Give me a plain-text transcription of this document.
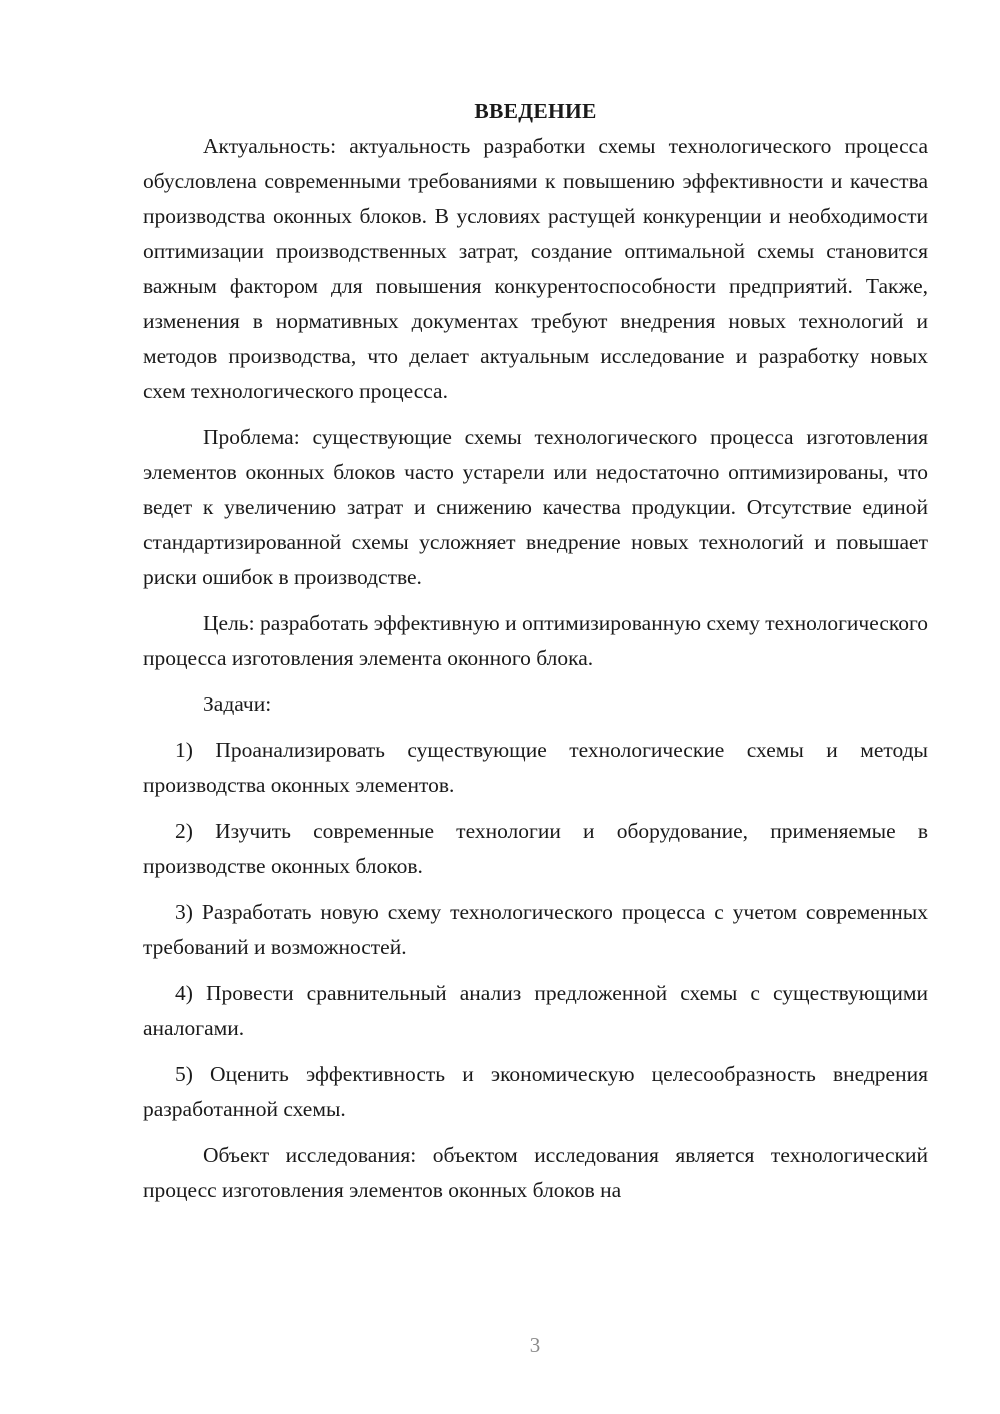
ВВЕДЕНИЕ

Актуальность: актуальность разработки схемы технологического процесса обусловлена современными требованиями к повышению эффективности и качества производства оконных блоков. В условиях растущей конкуренции и необходимости оптимизации производственных затрат, создание оптимальной схемы становится важным фактором для повышения конкурентоспособности предприятий. Также, изменения в нормативных документах требуют внедрения новых технологий и методов производства, что делает актуальным исследование и разработку новых схем технологического процесса.

Проблема: существующие схемы технологического процесса изготовления элементов оконных блоков часто устарели или недостаточно оптимизированы, что ведет к увеличению затрат и снижению качества продукции. Отсутствие единой стандартизированной схемы усложняет внедрение новых технологий и повышает риски ошибок в производстве.

Цель: разработать эффективную и оптимизированную схему технологического процесса изготовления элемента оконного блока.

Задачи:

1) Проанализировать существующие технологические схемы и методы производства оконных элементов.

2) Изучить современные технологии и оборудование, применяемые в производстве оконных блоков.

3) Разработать новую схему технологического процесса с учетом современных требований и возможностей.

4) Провести сравнительный анализ предложенной схемы с существующими аналогами.

5) Оценить эффективность и экономическую целесообразность внедрения разработанной схемы.

Объект исследования: объектом исследования является технологический процесс изготовления элементов оконных блоков на

3
